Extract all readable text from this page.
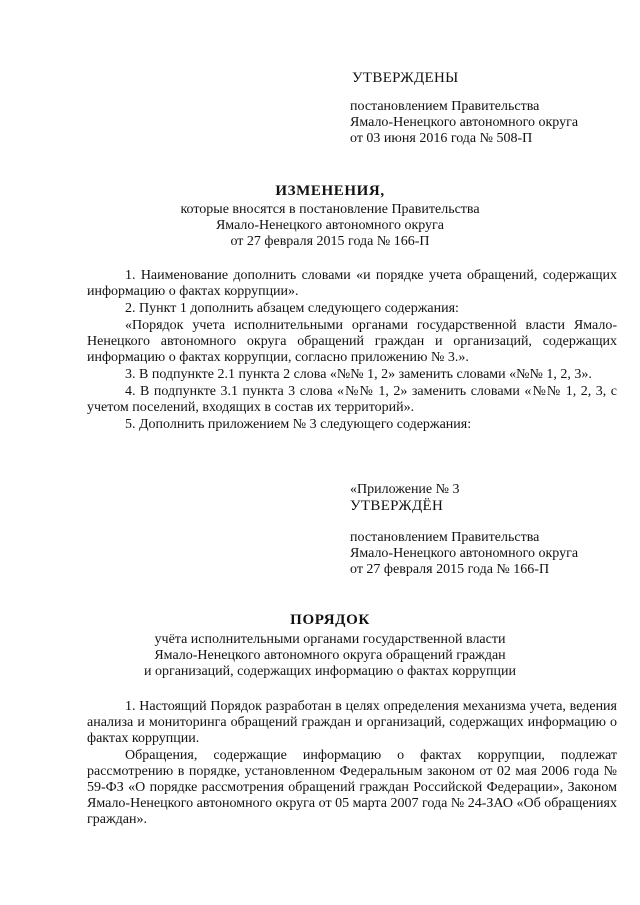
УТВЕРЖДЕНЫ
постановлением Правительства
Ямало-Ненецкого автономного округа
от 03 июня 2016 года № 508-П
ИЗМЕНЕНИЯ,
которые вносятся в постановление Правительства
Ямало-Ненецкого автономного округа
от 27 февраля 2015 года № 166-П

1. Наименование дополнить словами «и порядке учета обращений, содержащих информацию о фактах коррупции».

2. Пункт 1 дополнить абзацем следующего содержания:

«Порядок учета исполнительными органами государственной власти Ямало-Ненецкого автономного округа обращений граждан и организаций, содержащих информацию о фактах коррупции, согласно приложению № 3.».

3. В подпункте 2.1 пункта 2 слова «№№ 1, 2» заменить словами «№№ 1, 2, 3».

4. В подпункте 3.1 пункта 3 слова «№№ 1, 2» заменить словами «№№ 1, 2, 3, с учетом поселений, входящих в состав их территорий».

5. Дополнить приложением № 3 следующего содержания:

«Приложение № 3
УТВЕРЖДЁН
постановлением Правительства
Ямало-Ненецкого автономного округа
от 27 февраля 2015 года № 166-П
ПОРЯДОК
учёта исполнительными органами государственной власти
Ямало-Ненецкого автономного округа обращений граждан
и организаций, содержащих информацию о фактах коррупции

1. Настоящий Порядок разработан в целях определения механизма учета, ведения анализа и мониторинга обращений граждан и организаций, содержащих информацию о фактах коррупции.

Обращения, содержащие информацию о фактах коррупции, подлежат рассмотрению в порядке, установленном Федеральным законом от 02 мая 2006 года № 59-ФЗ «О порядке рассмотрения обращений граждан Российской Федерации», Законом Ямало-Ненецкого автономного округа от 05 марта 2007 года № 24-ЗАО «Об обращениях граждан».
